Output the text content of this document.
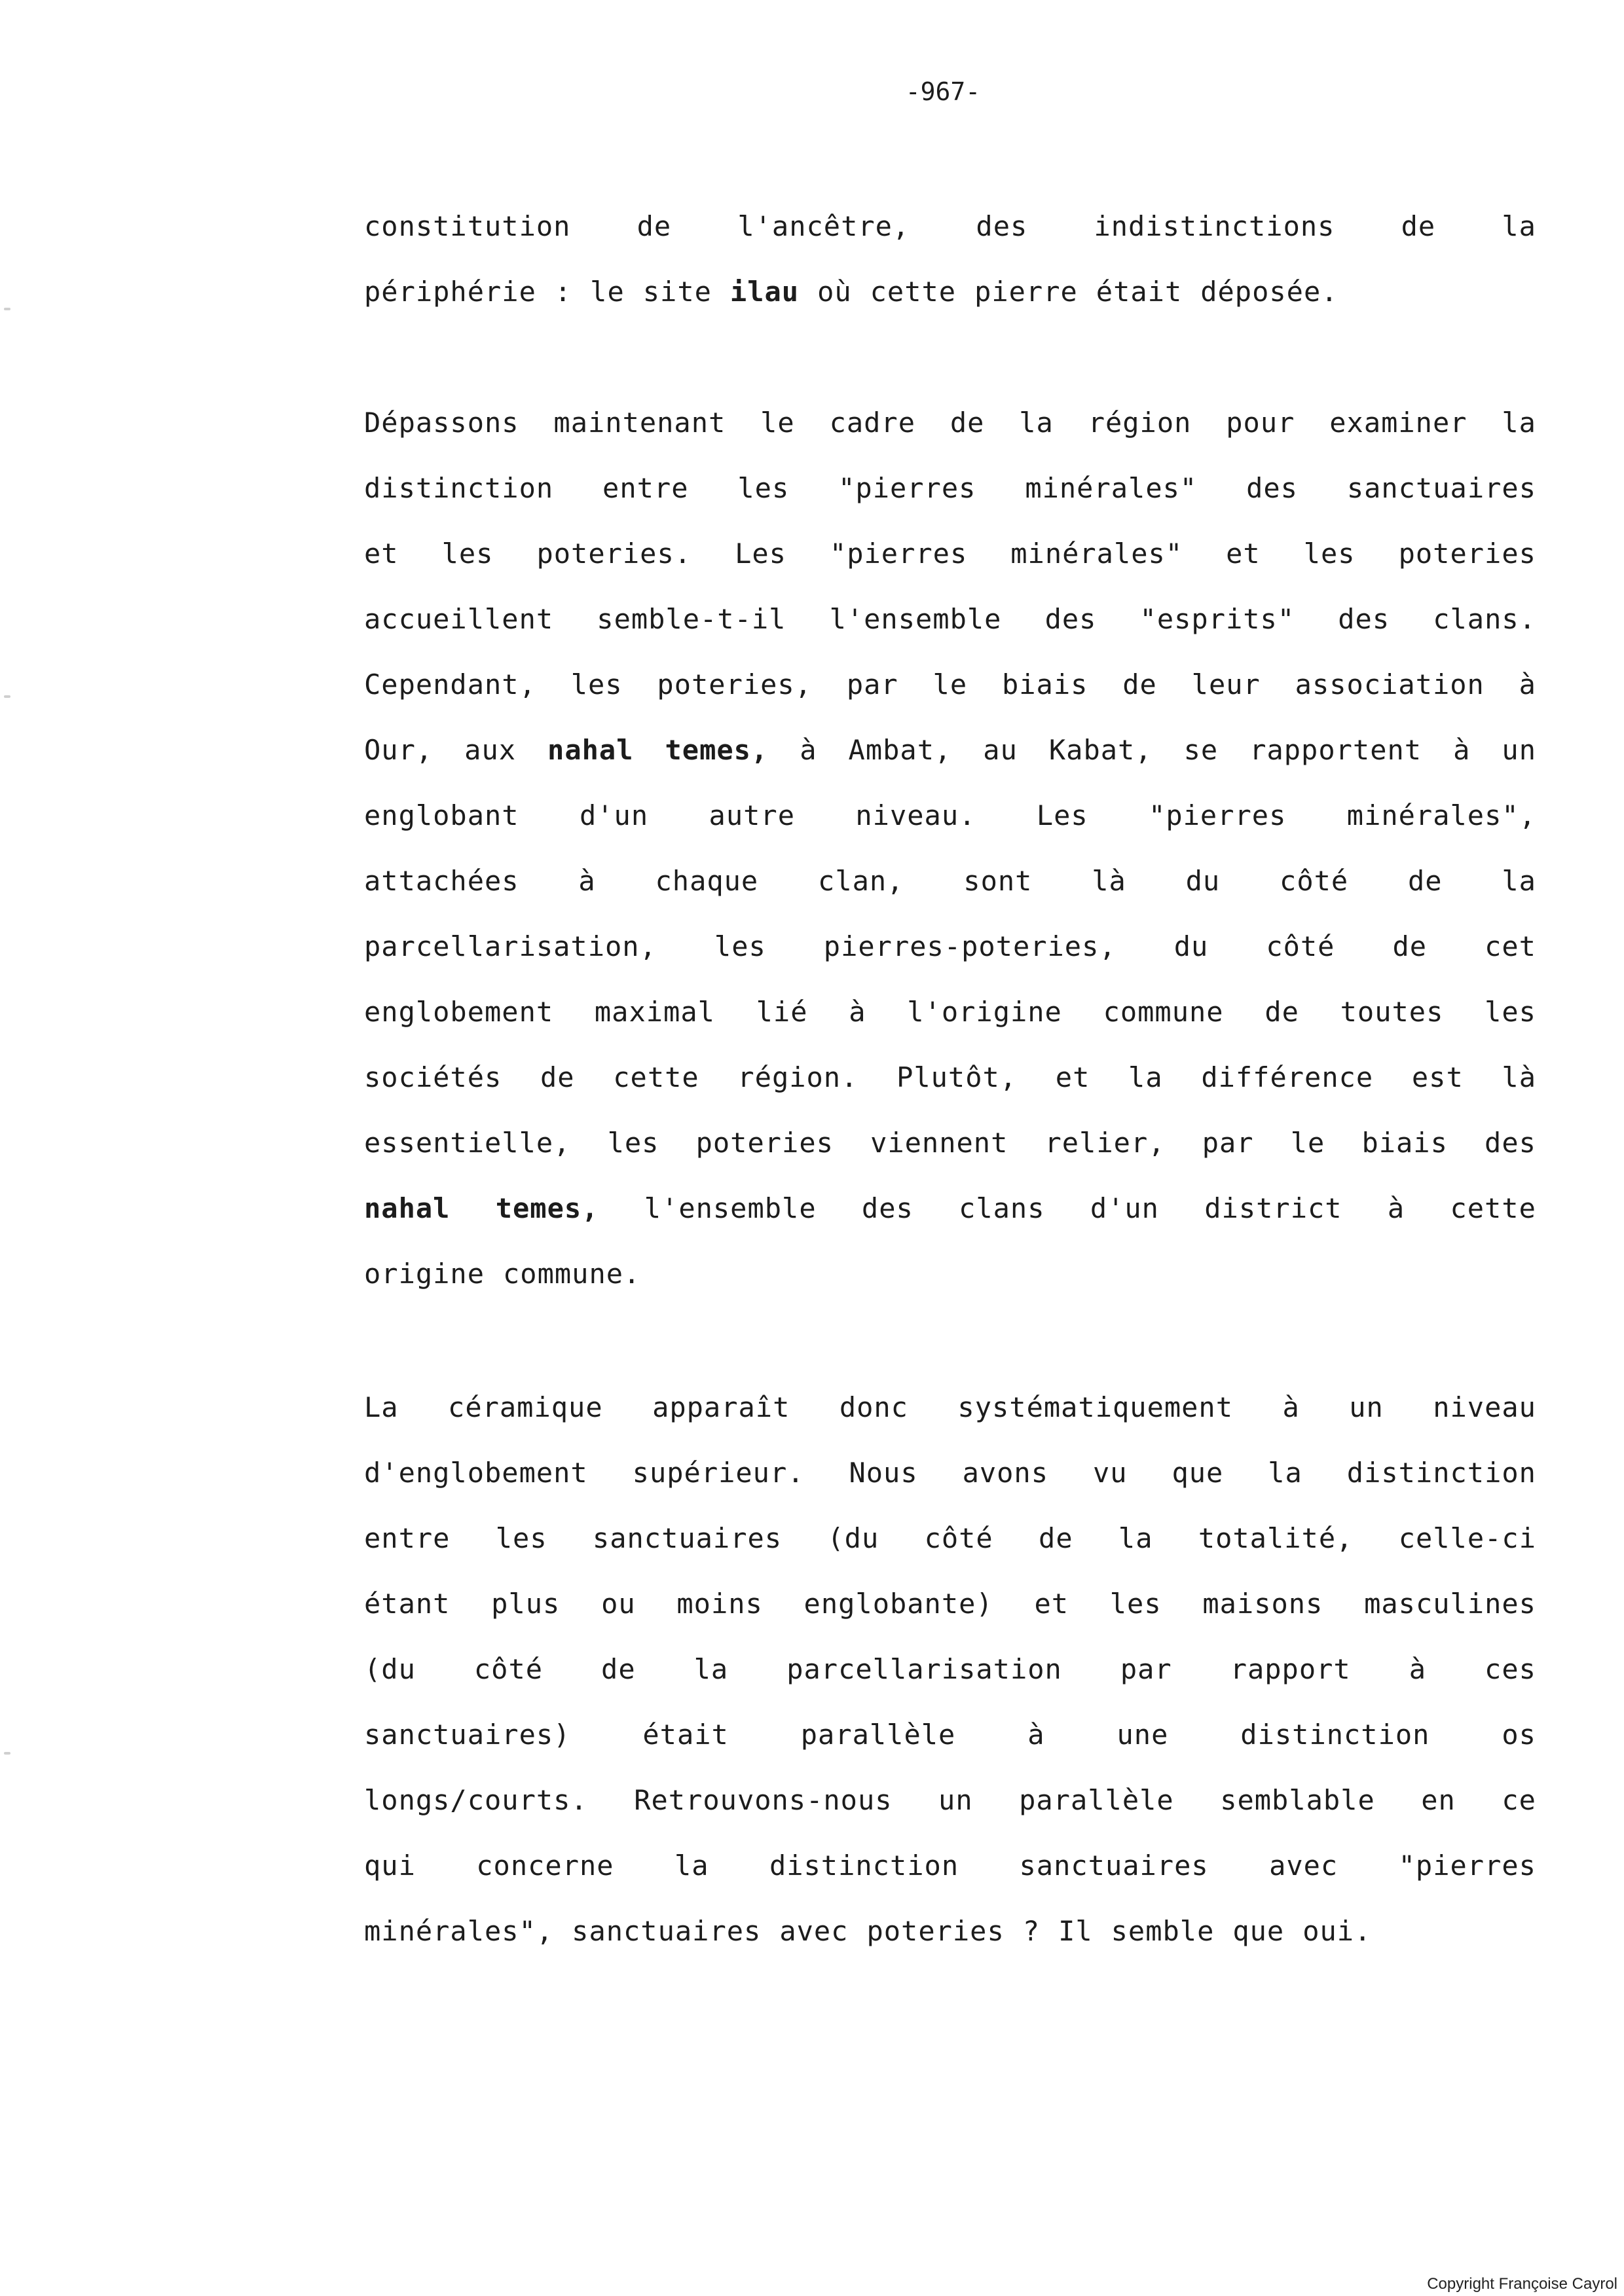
-967-
constitution de l'ancêtre, des indistinctions de la
périphérie : le site ilau où cette pierre était déposée.
Dépassons maintenant le cadre de la région pour examiner la
distinction entre les "pierres minérales" des sanctuaires
et les poteries. Les "pierres minérales" et les poteries
accueillent semble-t-il l'ensemble des "esprits" des clans.
Cependant, les poteries, par le biais de leur association à
Our, aux nahal temes, à Ambat, au Kabat, se rapportent à un
englobant d'un autre niveau. Les "pierres minérales",
attachées à chaque clan, sont là du côté de la
parcellarisation, les pierres-poteries, du côté de cet
englobement maximal lié à l'origine commune de toutes les
sociétés de cette région. Plutôt, et la différence est là
essentielle, les poteries viennent relier, par le biais des
nahal temes, l'ensemble des clans d'un district à cette
origine commune.
La céramique apparaît donc systématiquement à un niveau
d'englobement supérieur. Nous avons vu que la distinction
entre les sanctuaires (du côté de la totalité, celle-ci
étant plus ou moins englobante) et les maisons masculines
(du côté de la parcellarisation par rapport à ces
sanctuaires)	était	parallèle	à	une	distinction	os
longs/courts. Retrouvons-nous un parallèle semblable en ce
qui concerne la distinction sanctuaires avec "pierres
minérales", sanctuaires avec poteries ? Il semble que oui.
Copyright Françoise Cayrol
